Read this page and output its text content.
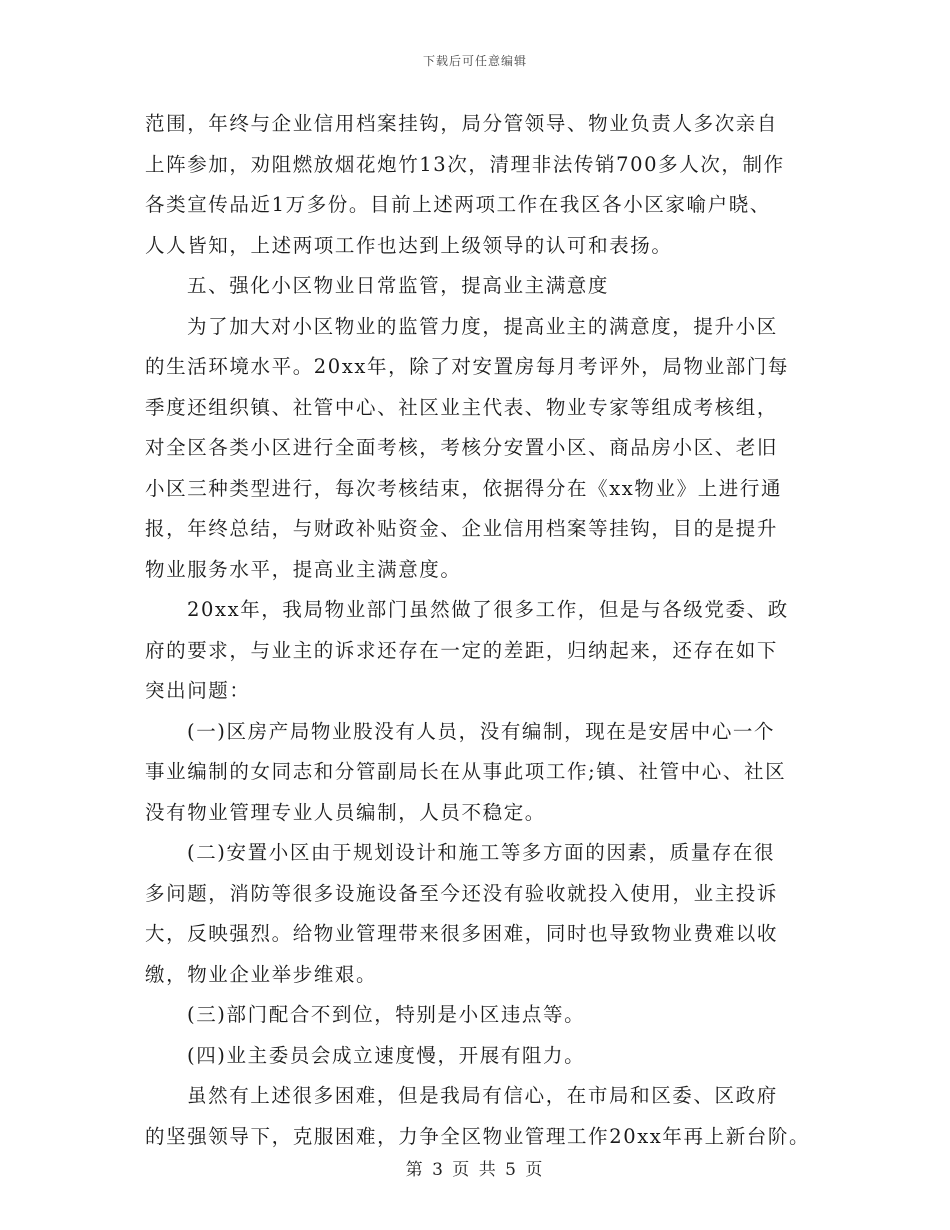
下载后可任意编辑
范围，年终与企业信用档案挂钩，局分管领导、物业负责人多次亲自
上阵参加，劝阻燃放烟花炮竹13次，清理非法传销700多人次，制作
各类宣传品近1万多份。目前上述两项工作在我区各小区家喻户晓、
人人皆知，上述两项工作也达到上级领导的认可和表扬。
五、强化小区物业日常监管，提高业主满意度
为了加大对小区物业的监管力度，提高业主的满意度，提升小区
的生活环境水平。20xx年，除了对安置房每月考评外，局物业部门每
季度还组织镇、社管中心、社区业主代表、物业专家等组成考核组，
对全区各类小区进行全面考核，考核分安置小区、商品房小区、老旧
小区三种类型进行，每次考核结束，依据得分在《xx物业》上进行通
报，年终总结，与财政补贴资金、企业信用档案等挂钩，目的是提升
物业服务水平，提高业主满意度。
20xx年，我局物业部门虽然做了很多工作，但是与各级党委、政
府的要求，与业主的诉求还存在一定的差距，归纳起来，还存在如下
突出问题：
(一)区房产局物业股没有人员，没有编制，现在是安居中心一个
事业编制的女同志和分管副局长在从事此项工作;镇、社管中心、社区
没有物业管理专业人员编制，人员不稳定。
(二)安置小区由于规划设计和施工等多方面的因素，质量存在很
多问题，消防等很多设施设备至今还没有验收就投入使用，业主投诉
大，反映强烈。给物业管理带来很多困难，同时也导致物业费难以收
缴，物业企业举步维艰。
(三)部门配合不到位，特别是小区违点等。
(四)业主委员会成立速度慢，开展有阻力。
虽然有上述很多困难，但是我局有信心，在市局和区委、区政府
的坚强领导下，克服困难，力争全区物业管理工作20xx年再上新台阶。
第 3 页 共 5 页
